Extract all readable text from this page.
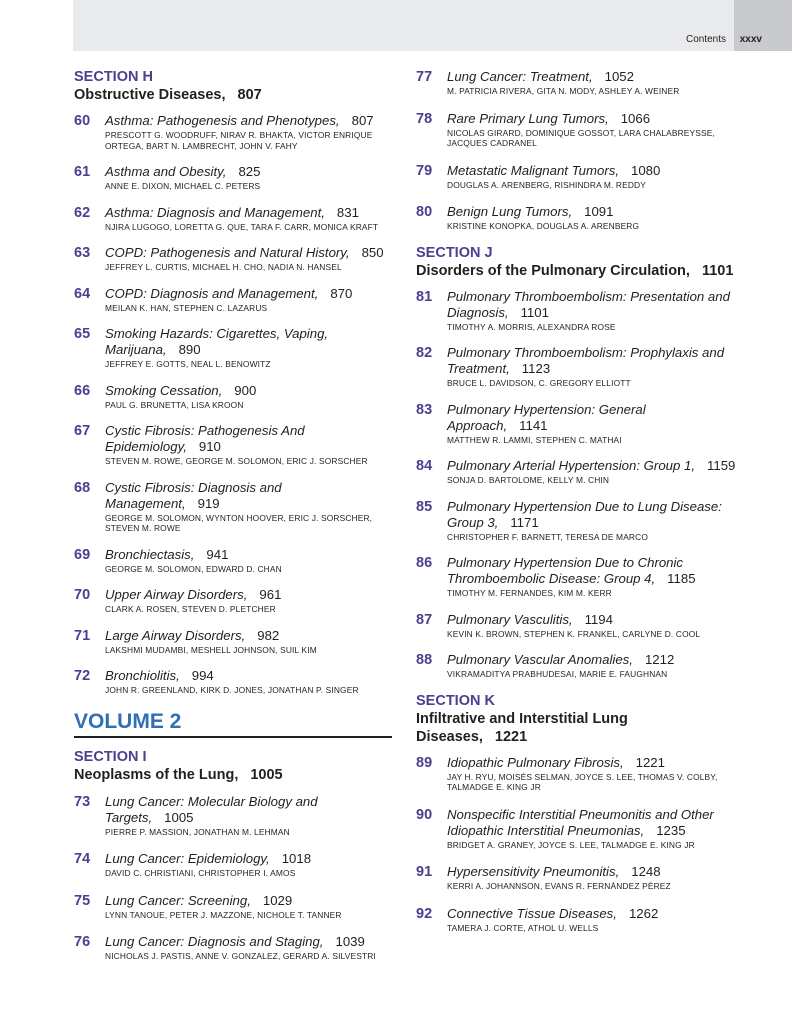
Contents xxxv
SECTION H
Obstructive Diseases, 807
60	Asthma: Pathogenesis and Phenotypes, 807
PRESCOTT G. WOODRUFF, NIRAV R. BHAKTA, VICTOR ENRIQUE ORTEGA, BART N. LAMBRECHT, JOHN V. FAHY
61	Asthma and Obesity, 825
ANNE E. DIXON, MICHAEL C. PETERS
62	Asthma: Diagnosis and Management, 831
NJIRA LUGOGO, LORETTA G. QUE, TARA F. CARR, MONICA KRAFT
63	COPD: Pathogenesis and Natural History, 850
JEFFREY L. CURTIS, MICHAEL H. CHO, NADIA N. HANSEL
64	COPD: Diagnosis and Management, 870
MEILAN K. HAN, STEPHEN C. LAZARUS
65	Smoking Hazards: Cigarettes, Vaping, Marijuana, 890
JEFFREY E. GOTTS, NEAL L. BENOWITZ
66	Smoking Cessation, 900
PAUL G. BRUNETTA, LISA KROON
67	Cystic Fibrosis: Pathogenesis And Epidemiology, 910
STEVEN M. ROWE, GEORGE M. SOLOMON, ERIC J. SORSCHER
68	Cystic Fibrosis: Diagnosis and Management, 919
GEORGE M. SOLOMON, WYNTON HOOVER, ERIC J. SORSCHER, STEVEN M. ROWE
69	Bronchiectasis, 941
GEORGE M. SOLOMON, EDWARD D. CHAN
70	Upper Airway Disorders, 961
CLARK A. ROSEN, STEVEN D. PLETCHER
71	Large Airway Disorders, 982
LAKSHMI MUDAMBI, MESHELL JOHNSON, SUIL KIM
72	Bronchiolitis, 994
JOHN R. GREENLAND, KIRK D. JONES, JONATHAN P. SINGER
VOLUME 2
SECTION I
Neoplasms of the Lung, 1005
73	Lung Cancer: Molecular Biology and Targets, 1005
PIERRE P. MASSION, JONATHAN M. LEHMAN
74	Lung Cancer: Epidemiology, 1018
DAVID C. CHRISTIANI, CHRISTOPHER I. AMOS
75	Lung Cancer: Screening, 1029
LYNN TANOUE, PETER J. MAZZONE, NICHOLE T. TANNER
76	Lung Cancer: Diagnosis and Staging, 1039
NICHOLAS J. PASTIS, ANNE V. GONZALEZ, GERARD A. SILVESTRI
77	Lung Cancer: Treatment, 1052
M. PATRICIA RIVERA, GITA N. MODY, ASHLEY A. WEINER
78	Rare Primary Lung Tumors, 1066
NICOLAS GIRARD, DOMINIQUE GOSSOT, LARA CHALABREYSSE, JACQUES CADRANEL
79	Metastatic Malignant Tumors, 1080
DOUGLAS A. ARENBERG, RISHINDRA M. REDDY
80	Benign Lung Tumors, 1091
KRISTINE KONOPKA, DOUGLAS A. ARENBERG
SECTION J
Disorders of the Pulmonary Circulation, 1101
81	Pulmonary Thromboembolism: Presentation and Diagnosis, 1101
TIMOTHY A. MORRIS, ALEXANDRA ROSE
82	Pulmonary Thromboembolism: Prophylaxis and Treatment, 1123
BRUCE L. DAVIDSON, C. GREGORY ELLIOTT
83	Pulmonary Hypertension: General Approach, 1141
MATTHEW R. LAMMI, STEPHEN C. MATHAI
84	Pulmonary Arterial Hypertension: Group 1, 1159
SONJA D. BARTOLOME, KELLY M. CHIN
85	Pulmonary Hypertension Due to Lung Disease: Group 3, 1171
CHRISTOPHER F. BARNETT, TERESA DE MARCO
86	Pulmonary Hypertension Due to Chronic Thromboembolic Disease: Group 4, 1185
TIMOTHY M. FERNANDES, KIM M. KERR
87	Pulmonary Vasculitis, 1194
KEVIN K. BROWN, STEPHEN K. FRANKEL, CARLYNE D. COOL
88	Pulmonary Vascular Anomalies, 1212
VIKRAMADITYA PRABHUDESAI, MARIE E. FAUGHNAN
SECTION K
Infiltrative and Interstitial Lung Diseases, 1221
89	Idiopathic Pulmonary Fibrosis, 1221
JAY H. RYU, MOISÉS SELMAN, JOYCE S. LEE, THOMAS V. COLBY, TALMADGE E. KING JR
90	Nonspecific Interstitial Pneumonitis and Other Idiopathic Interstitial Pneumonias, 1235
BRIDGET A. GRANEY, JOYCE S. LEE, TALMADGE E. KING JR
91	Hypersensitivity Pneumonitis, 1248
KERRI A. JOHANNSON, EVANS R. FERNÁNDEZ PÉREZ
92	Connective Tissue Diseases, 1262
TAMERA J. CORTE, ATHOL U. WELLS
